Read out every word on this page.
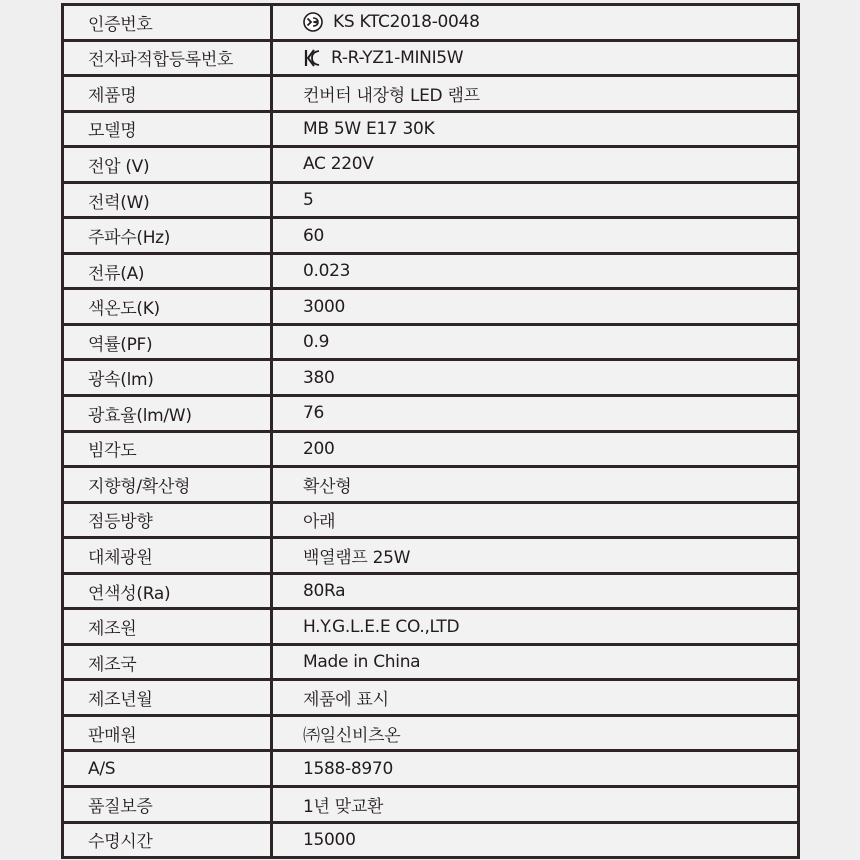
인증번호	KS KTC2018-0048
전자파적합등록번호	R-R-YZ1-MINI5W
제품명	컨버터 내장형 LED 램프
모델명	MB 5W E17 30K
전압 (V)	AC 220V
전력(W)	5
주파수(Hz)	60
전류(A)	0.023
색온도(K)	3000
역률(PF)	0.9
광속(lm)	380
광효율(lm/W)	76
빔각도	200
지향형/확산형	확산형
점등방향	아래
대체광원	백열램프 25W
연색성(Ra)	80Ra
제조원	H.Y.G.L.E.E CO.,LTD
제조국	Made in China
제조년월	제품에 표시
판매원	㈜일신비츠온
A/S	1588-8970
품질보증	1년 맞교환
수명시간	15000
